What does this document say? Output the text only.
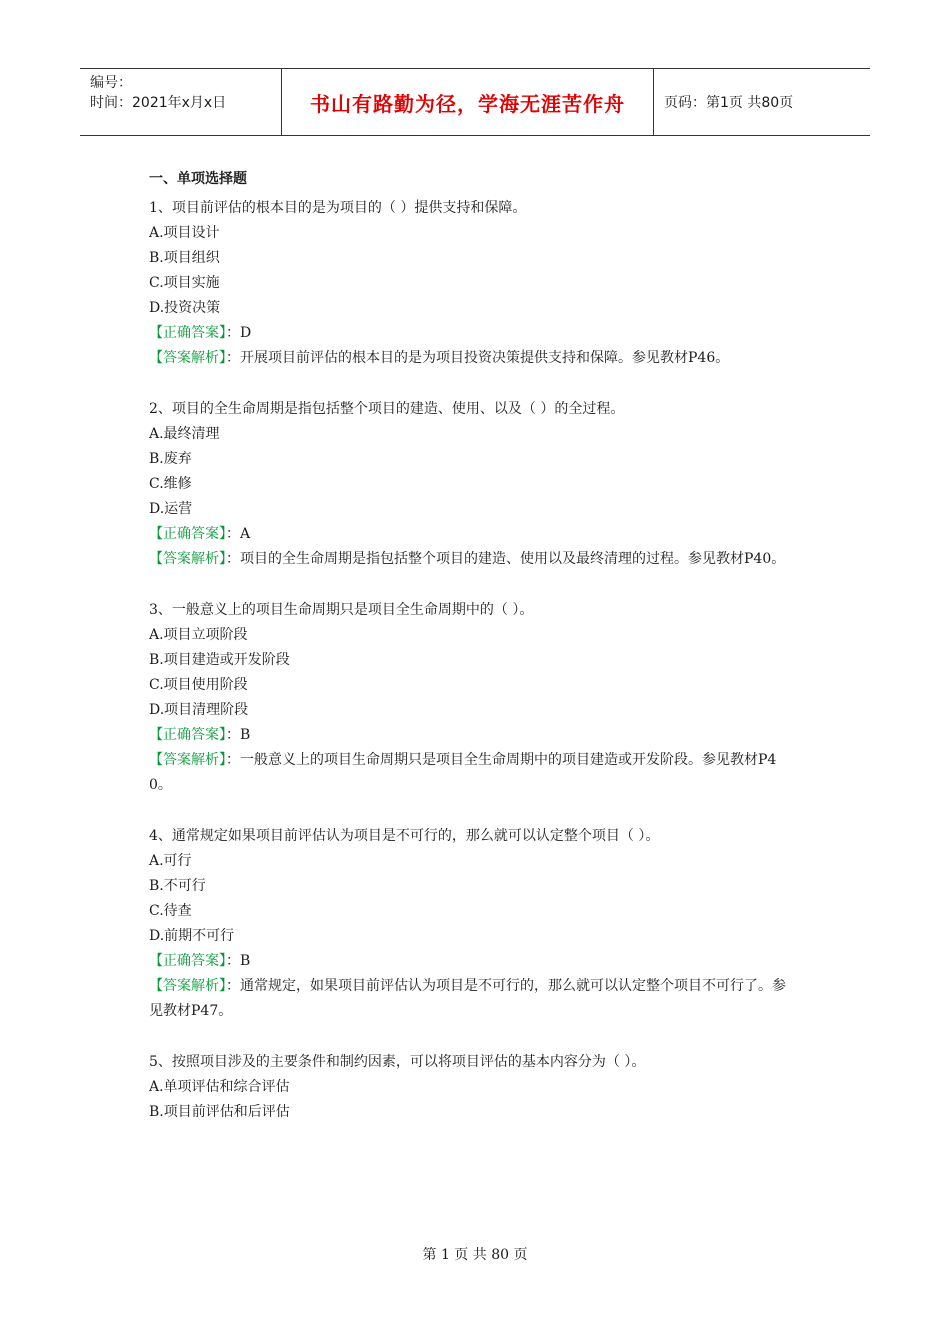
编号：
时间：2021年x月x日	书山有路勤为径，学海无涯苦作舟	页码：第1页 共80页
一、单项选择题
1、项目前评估的根本目的是为项目的（ ）提供支持和保障。
A.项目设计
B.项目组织
C.项目实施
D.投资决策
【正确答案】：D
【答案解析】：开展项目前评估的根本目的是为项目投资决策提供支持和保障。参见教材P46。
2、项目的全生命周期是指包括整个项目的建造、使用、以及（ ）的全过程。
A.最终清理
B.废弃
C.维修
D.运营
【正确答案】：A
【答案解析】：项目的全生命周期是指包括整个项目的建造、使用以及最终清理的过程。参见教材P40。
3、一般意义上的项目生命周期只是项目全生命周期中的（ ）。
A.项目立项阶段
B.项目建造或开发阶段
C.项目使用阶段
D.项目清理阶段
【正确答案】：B
【答案解析】：一般意义上的项目生命周期只是项目全生命周期中的项目建造或开发阶段。参见教材P40。
4、通常规定如果项目前评估认为项目是不可行的，那么就可以认定整个项目（ ）。
A.可行
B.不可行
C.待查
D.前期不可行
【正确答案】：B
【答案解析】：通常规定，如果项目前评估认为项目是不可行的，那么就可以认定整个项目不可行了。参见教材P47。
5、按照项目涉及的主要条件和制约因素，可以将项目评估的基本内容分为（ ）。
A.单项评估和综合评估
B.项目前评估和后评估
第 1 页 共 80 页
